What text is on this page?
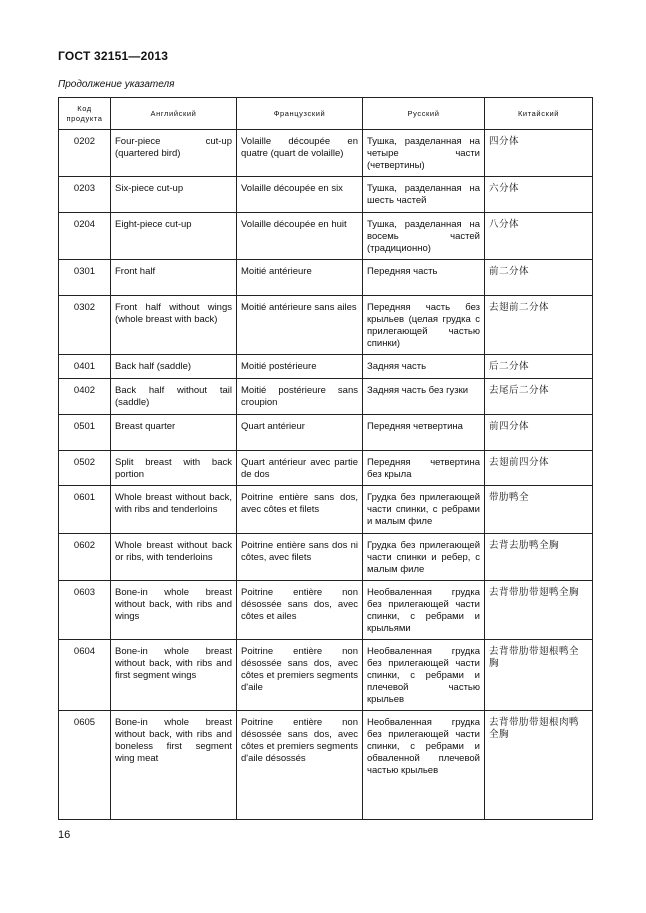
ГОСТ 32151—2013
Продолжение указателя
Код продукта	Английский	Французский	Русский	Китайский
0202	Four-piece cut-up (quartered bird)	Volaille découpée en quatre (quart de volaille)	Тушка, разделанная на четыре части (четвертины)	四分体
0203	Six-piece cut-up	Volaille découpée en six	Тушка, разделанная на шесть частей	六分体
0204	Eight-piece cut-up	Volaille découpée en huit	Тушка, разделанная на восемь частей (традиционно)	八分体
0301	Front half	Moitié antérieure	Передняя часть	前二分体
0302	Front half without wings (whole breast with back)	Moitié antérieure sans ailes	Передняя часть без крыльев (целая грудка с прилегающей частью спинки)	去翅前二分体
0401	Back half (saddle)	Moitié postérieure	Задняя часть	后二分体
0402	Back half without tail (saddle)	Moitié postérieure sans croupion	Задняя часть без гузки	去尾后二分体
0501	Breast quarter	Quart antérieur	Передняя четвертина	前四分体
0502	Split breast with back portion	Quart antérieur avec partie de dos	Передняя четвертина без крыла	去翅前四分体
0601	Whole breast without back, with ribs and tenderloins	Poitrine entière sans dos, avec côtes et filets	Грудка без прилегающей части спинки, с ребрами и малым филе	带肋鸭全
0602	Whole breast without back or ribs, with tenderloins	Poitrine entière sans dos ni côtes, avec filets	Грудка без прилегающей части спинки и ребер, с малым филе	去背去肋鸭全胸
0603	Bone-in whole breast without back, with ribs and wings	Poitrine entière non désossée sans dos, avec côtes et ailes	Необваленная грудка без прилегающей части спинки, с ребрами и крыльями	去背带肋带翅鸭全胸
0604	Bone-in whole breast without back, with ribs and first segment wings	Poitrine entière non désossée sans dos, avec côtes et premiers segments d'aile	Необваленная грудка без прилегающей части спинки, с ребрами и плечевой частью крыльев	去背带肋带翅根鸭全胸
0605	Bone-in whole breast without back, with ribs and boneless first segment wing meat	Poitrine entière non désossée sans dos, avec côtes et premiers segments d'aile désossés	Необваленная грудка без прилегающей части спинки, с ребрами и обваленной плечевой частью крыльев	去背带肋带翅根肉鸭全胸
16
